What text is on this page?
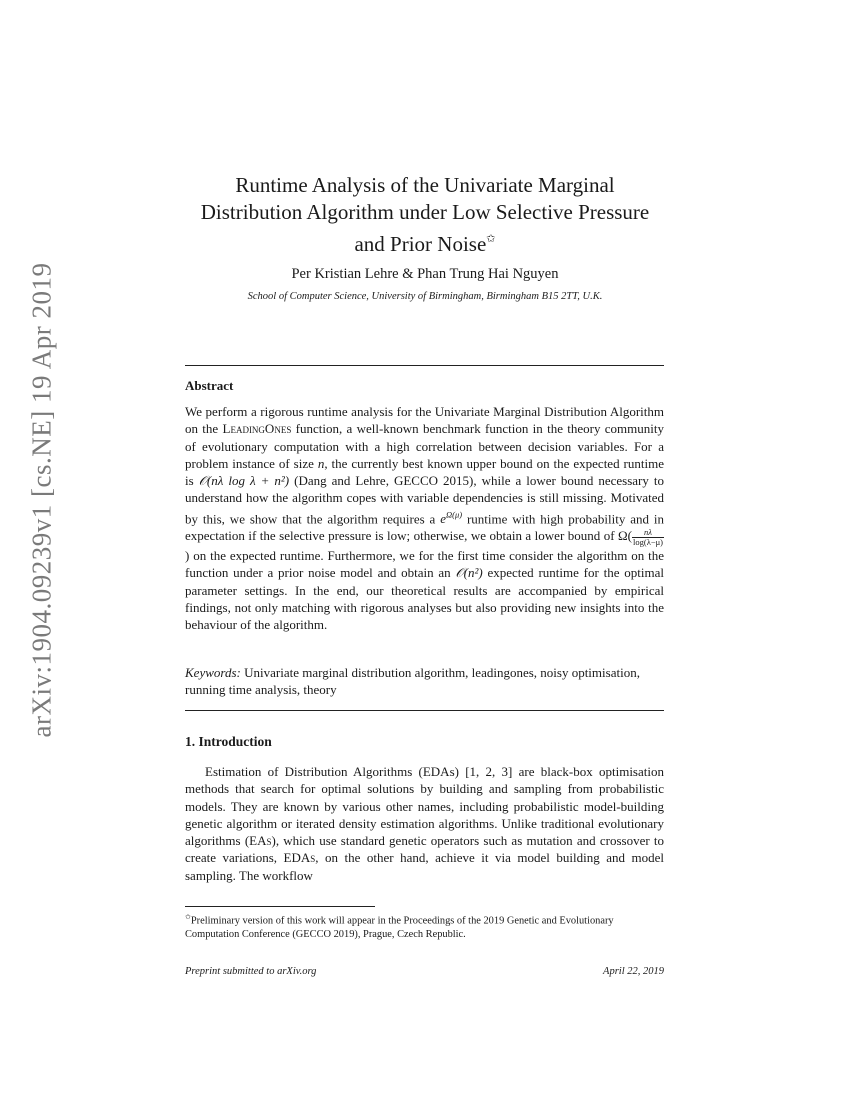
arXiv:1904.09239v1 [cs.NE] 19 Apr 2019
Runtime Analysis of the Univariate Marginal
Distribution Algorithm under Low Selective Pressure
and Prior Noise✩
Per Kristian Lehre & Phan Trung Hai Nguyen
School of Computer Science, University of Birmingham, Birmingham B15 2TT, U.K.
Abstract

We perform a rigorous runtime analysis for the Univariate Marginal Distribution Algorithm on the LeadingOnes function, a well-known benchmark function in the theory community of evolutionary computation with a high correlation between decision variables. For a problem instance of size n, the currently best known upper bound on the expected runtime is 𝒪(nλ log λ + n²) (Dang and Lehre, GECCO 2015), while a lower bound necessary to understand how the algorithm copes with variable dependencies is still missing. Motivated by this, we show that the algorithm requires a $e^{\Omega(\mu)}$ runtime with high probability and in expectation if the selective pressure is low; otherwise, we obtain a lower bound of $\Omega( \frac{n\lambda}{\log(\lambda-\mu)}$
) on the expected runtime. Furthermore, we for the first time consider the algorithm on the function under a prior noise model and obtain an 𝒪(n²) expected runtime for the optimal parameter settings. In the end, our theoretical results are accompanied by empirical findings, not only matching with rigorous analyses but also providing new insights into the behaviour of the algorithm.

Keywords: Univariate marginal distribution algorithm, leadingones, noisy optimisation, running time analysis, theory

1. Introduction

Estimation of Distribution Algorithms (EDAs) [1, 2, 3] are black-box optimisation methods that search for optimal solutions by building and sampling from probabilistic models. They are known by various other names, including probabilistic model-building genetic algorithm or iterated density estimation algorithms. Unlike traditional evolutionary algorithms (EAs), which use standard genetic operators such as mutation and crossover to create variations, EDAs, on the other hand, achieve it via model building and model sampling. The workflow

✩Preliminary version of this work will appear in the Proceedings of the 2019 Genetic and Evolutionary Computation Conference (GECCO 2019), Prague, Czech Republic.

Preprint submitted to arXiv.org	April 22, 2019
